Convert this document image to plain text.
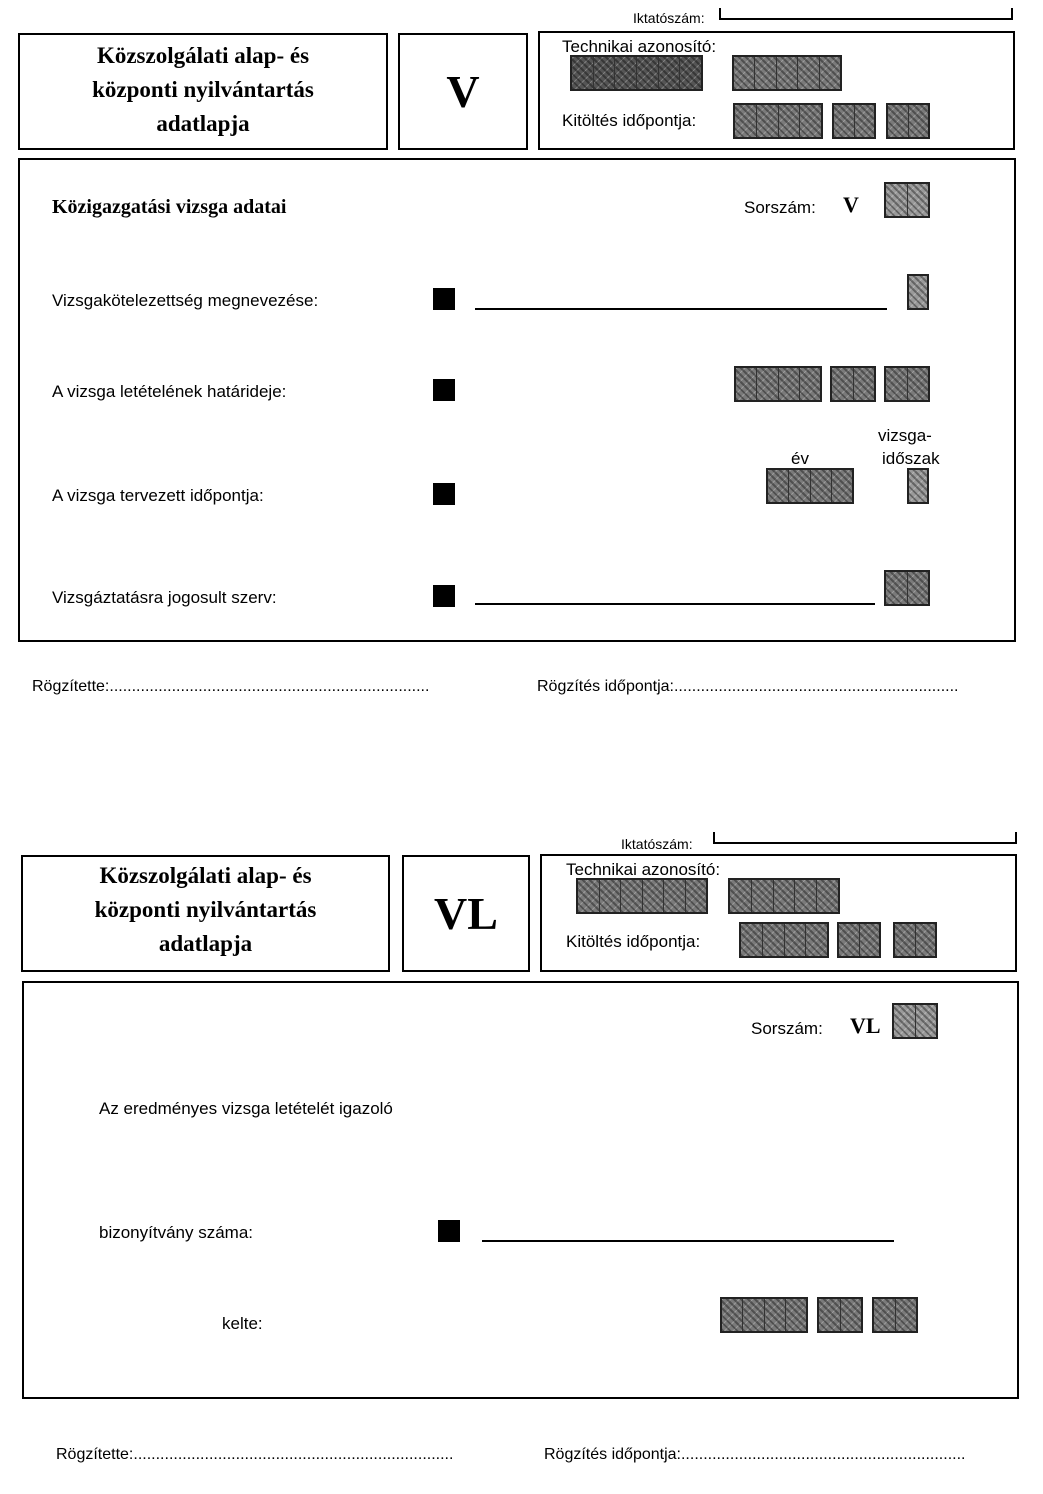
Iktatószám:
Közszolgálati alap- és
központi nyilvántartás
adatlapja
V
Technikai azonosító:
Kitöltés időpontja:
Közigazgatási vizsga adatai	Sorszám: V
Vizsgakötelezettség megnevezése:
A vizsga letételének határideje:
vizsga-
időszak
év
A vizsga tervezett időpontja:
Vizsgáztatásra jogosult szerv:
Rögzítette:........................................................................	Rögzítés időpontja:................................................................
Iktatószám:
Közszolgálati alap- és
központi nyilvántartás
adatlapja
VL
Technikai azonosító:
Kitöltés időpontja:
Sorszám: VL
Az eredményes vizsga letételét igazoló
bizonyítvány száma:
kelte:
Rögzítette:........................................................................	Rögzítés időpontja:................................................................
